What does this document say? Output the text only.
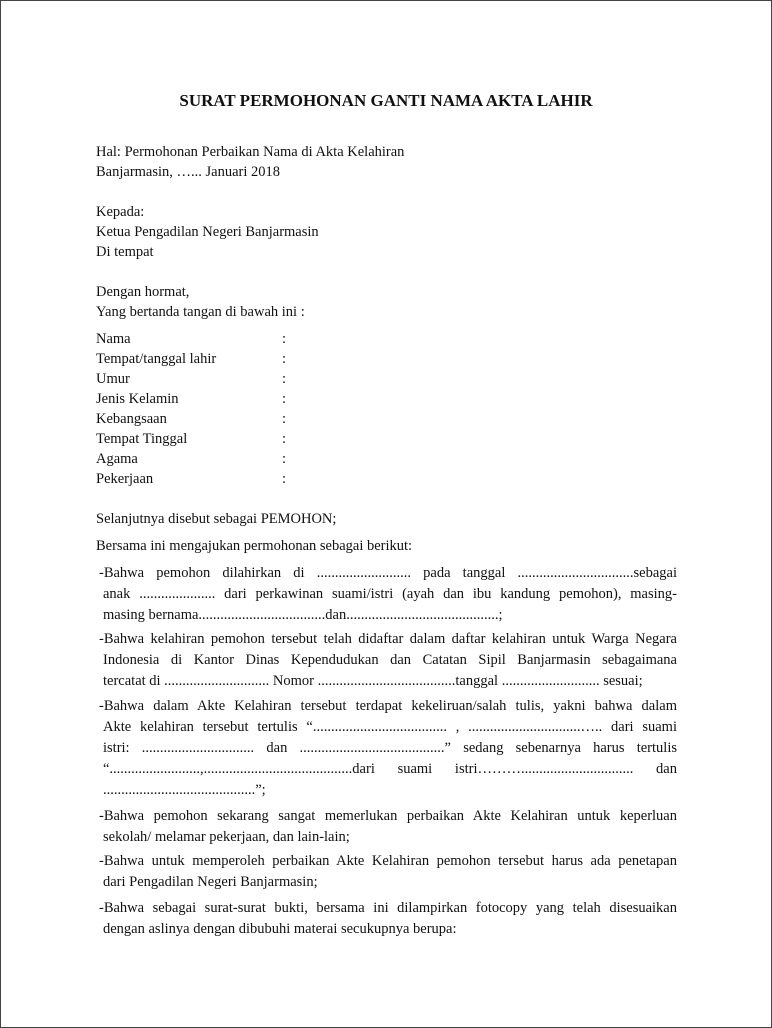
SURAT PERMOHONAN GANTI NAMA AKTA LAHIR
Hal: Permohonan Perbaikan Nama di Akta Kelahiran
Banjarmasin, …... Januari 2018
Kepada:
Ketua Pengadilan Negeri Banjarmasin
Di tempat
Dengan hormat,
Yang bertanda tangan di bawah ini :
Nama	:
Tempat/tanggal lahir	:
Umur	:
Jenis Kelamin	:
Kebangsaan	:
Tempat Tinggal	:
Agama	:
Pekerjaan	:
Selanjutnya disebut sebagai PEMOHON;
Bersama ini mengajukan permohonan sebagai berikut:
-Bahwa pemohon dilahirkan di .......................... pada tanggal ................................sebagai
anak ..................... dari perkawinan suami/istri (ayah dan ibu kandung pemohon), masing-
masing bernama...................................dan..........................................;
-Bahwa kelahiran pemohon tersebut telah didaftar dalam daftar kelahiran untuk Warga Negara
Indonesia di Kantor Dinas Kependudukan dan Catatan Sipil Banjarmasin sebagaimana
tercatat di ............................. Nomor ......................................tanggal ........................... sesuai;
-Bahwa dalam Akte Kelahiran tersebut terdapat kekeliruan/salah tulis, yakni bahwa dalam
Akte kelahiran tersebut tertulis “..................................... , ...............................….. dari suami
istri: ............................... dan ........................................” sedang sebenarnya harus tertulis
“.........................,.........................................dari suami istri………............................... dan
..........................................”;
-Bahwa pemohon sekarang sangat memerlukan perbaikan Akte Kelahiran untuk keperluan
sekolah/ melamar pekerjaan, dan lain-lain;
-Bahwa untuk memperoleh perbaikan Akte Kelahiran pemohon tersebut harus ada penetapan
dari Pengadilan Negeri Banjarmasin;
-Bahwa sebagai surat-surat bukti, bersama ini dilampirkan fotocopy yang telah disesuaikan
dengan aslinya dengan dibubuhi materai secukupnya berupa:
